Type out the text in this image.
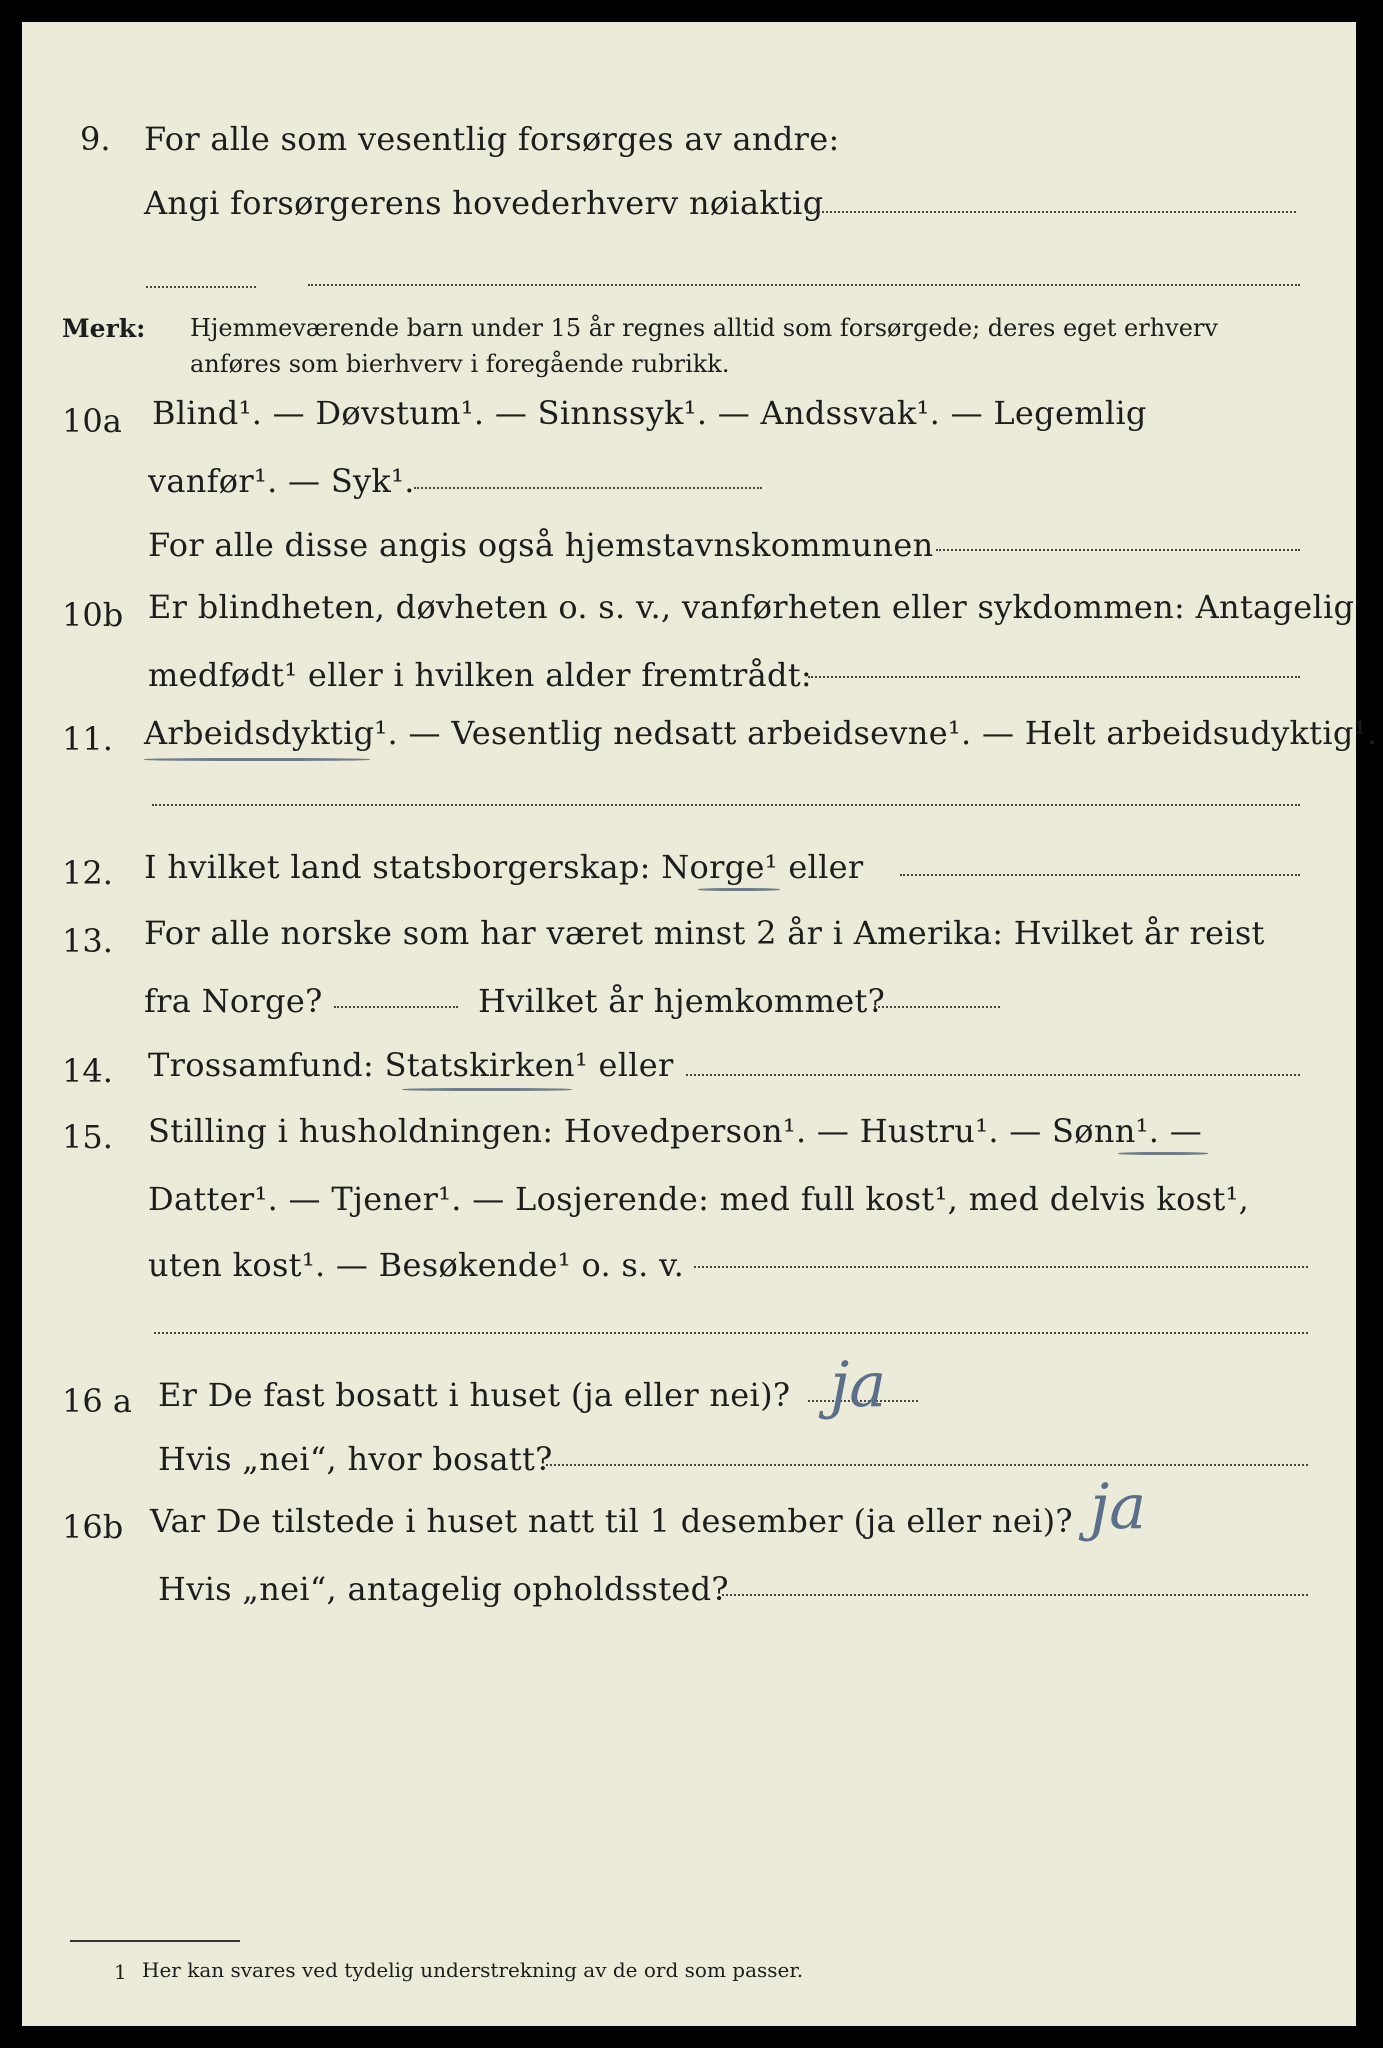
9. For alle som vesentlig forsørges av andre:
Angi forsørgerens hovederhverv nøiaktig
Merk: Hjemmeværende barn under 15 år regnes alltid som forsørgede; deres eget erhverv
anføres som bierhverv i foregående rubrikk.
10a Blind¹. — Døvstum¹. — Sinnssyk¹. — Andssvak¹. — Legemlig
vanfør¹. — Syk¹.
For alle disse angis også hjemstavnskommunen
10b Er blindheten, døvheten o. s. v., vanførheten eller sykdommen: Antagelig
medfødt¹ eller i hvilken alder fremtrådt:
11. Arbeidsdyktig¹. — Vesentlig nedsatt arbeidsevne¹. — Helt arbeidsudyktig¹.
12. I hvilket land statsborgerskap: Norge¹ eller
13. For alle norske som har været minst 2 år i Amerika: Hvilket år reist
fra Norge?	Hvilket år hjemkommet?
14. Trossamfund: Statskirken¹ eller
15. Stilling i husholdningen: Hovedperson¹. — Hustru¹. — Sønn¹. —
Datter¹. — Tjener¹. — Losjerende: med full kost¹, med delvis kost¹,
uten kost¹. — Besøkende¹ o. s. v.
16 a Er De fast bosatt i huset (ja eller nei)? ja
Hvis „nei“, hvor bosatt?
16b Var De tilstede i huset natt til 1 desember (ja eller nei)? ja
Hvis „nei“, antagelig opholdssted?
1 Her kan svares ved tydelig understrekning av de ord som passer.
